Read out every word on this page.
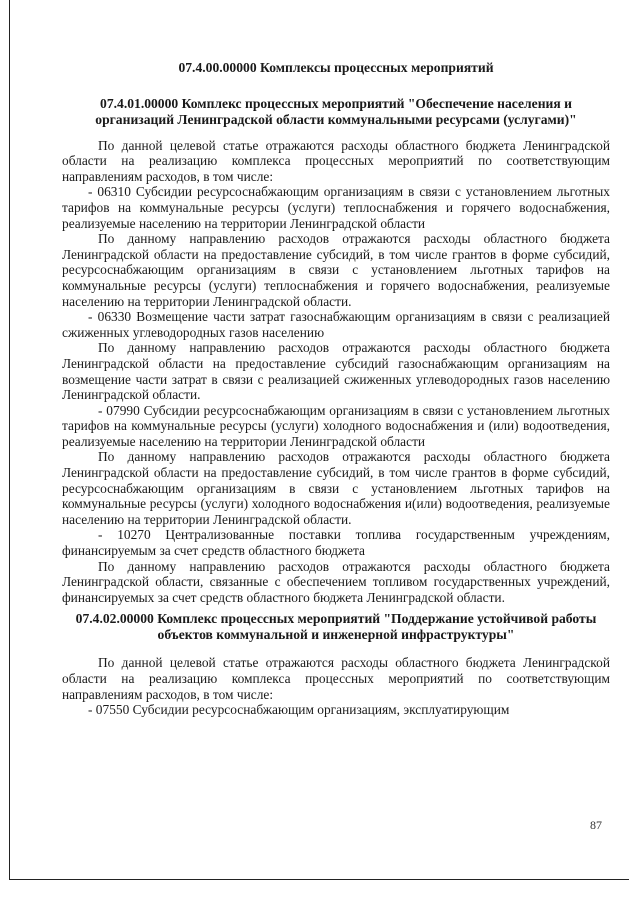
07.4.00.00000 Комплексы процессных мероприятий
07.4.01.00000 Комплекс процессных мероприятий "Обеспечение населения и организаций Ленинградской области коммунальными ресурсами (услугами)"

По данной целевой статье отражаются расходы областного бюджета Ленинградской области на реализацию комплекса процессных мероприятий по соответствующим направлениям расходов, в том числе:

- 06310 Субсидии ресурсоснабжающим организациям в связи с установлением льготных тарифов на коммунальные ресурсы (услуги) теплоснабжения и горячего водоснабжения, реализуемые населению на территории Ленинградской области

По данному направлению расходов отражаются расходы областного бюджета Ленинградской области на предоставление субсидий, в том числе грантов в форме субсидий, ресурсоснабжающим организациям в связи с установлением льготных тарифов на коммунальные ресурсы (услуги) теплоснабжения и горячего водоснабжения, реализуемые населению на территории Ленинградской области.

- 06330 Возмещение части затрат газоснабжающим организациям в связи с реализацией сжиженных углеводородных газов населению

По данному направлению расходов отражаются расходы областного бюджета Ленинградской области на предоставление субсидий газоснабжающим организациям на возмещение части затрат в связи с реализацией сжиженных углеводородных газов населению Ленинградской области.

- 07990 Субсидии ресурсоснабжающим организациям в связи с установлением льготных тарифов на коммунальные ресурсы (услуги) холодного водоснабжения и (или) водоотведения, реализуемые населению на территории Ленинградской области

По данному направлению расходов отражаются расходы областного бюджета Ленинградской области на предоставление субсидий, в том числе грантов в форме субсидий, ресурсоснабжающим организациям в связи с установлением льготных тарифов на коммунальные ресурсы (услуги) холодного водоснабжения и(или) водоотведения, реализуемые населению на территории Ленинградской области.

- 10270 Централизованные поставки топлива государственным учреждениям, финансируемым за счет средств областного бюджета

По данному направлению расходов отражаются расходы областного бюджета Ленинградской области, связанные с обеспечением топливом государственных учреждений, финансируемых за счет средств областного бюджета Ленинградской области.

07.4.02.00000 Комплекс процессных мероприятий "Поддержание устойчивой работы объектов коммунальной и инженерной инфраструктуры"

По данной целевой статье отражаются расходы областного бюджета Ленинградской области на реализацию комплекса процессных мероприятий по соответствующим направлениям расходов, в том числе:

- 07550 Субсидии ресурсоснабжающим организациям, эксплуатирующим

87
